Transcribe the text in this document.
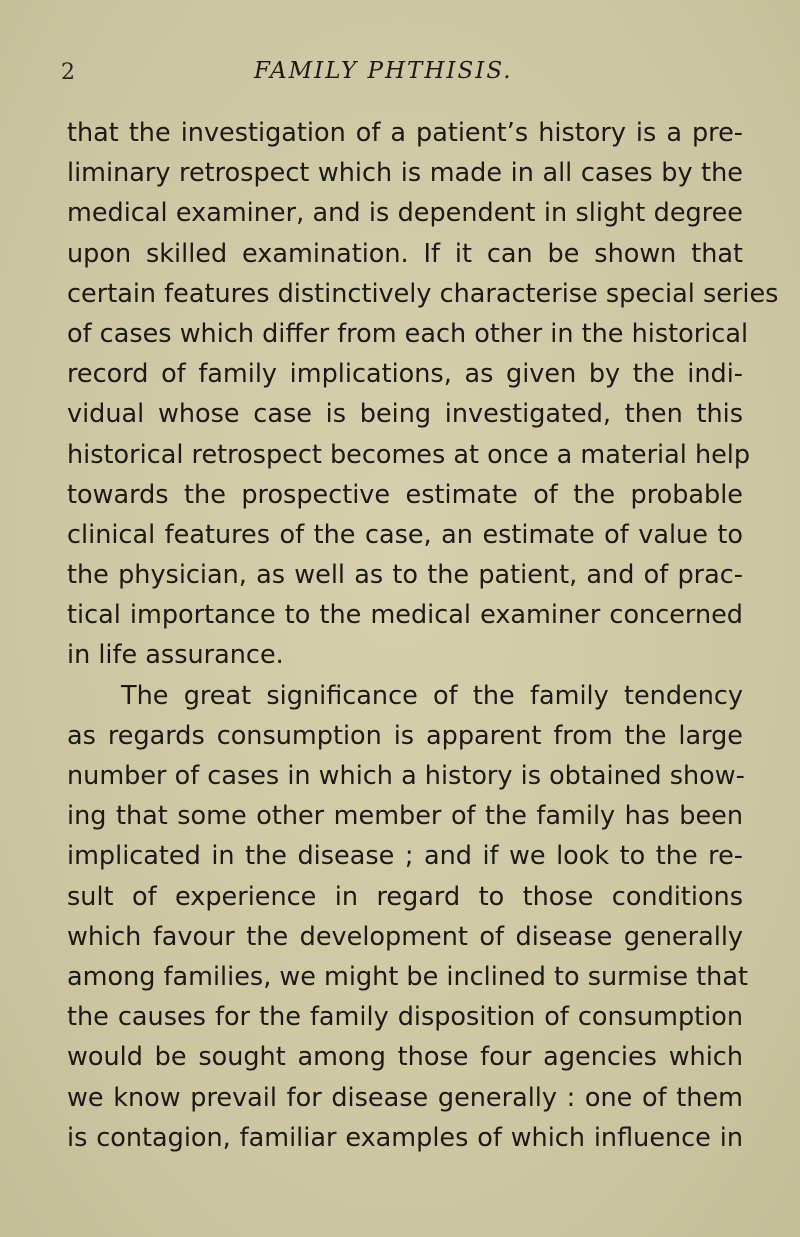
2	FAMILY PHTHISIS.
that the investigation of a patient’s history is a pre-
liminary retrospect which is made in all cases by the
medical examiner, and is dependent in slight degree
upon skilled examination. If it can be shown that
certain features distinctively characterise special series
of cases which differ from each other in the historical
record of family implications, as given by the indi-
vidual whose case is being investigated, then this
historical retrospect becomes at once a material help
towards the prospective estimate of the probable
clinical features of the case, an estimate of value to
the physician, as well as to the patient, and of prac-
tical importance to the medical examiner concerned
in life assurance.
The great significance of the family tendency
as regards consumption is apparent from the large
number of cases in which a history is obtained show-
ing that some other member of the family has been
implicated in the disease ; and if we look to the re-
sult of experience in regard to those conditions
which favour the development of disease generally
among families, we might be inclined to surmise that
the causes for the family disposition of consumption
would be sought among those four agencies which
we know prevail for disease generally : one of them
is contagion, familiar examples of which influence in
